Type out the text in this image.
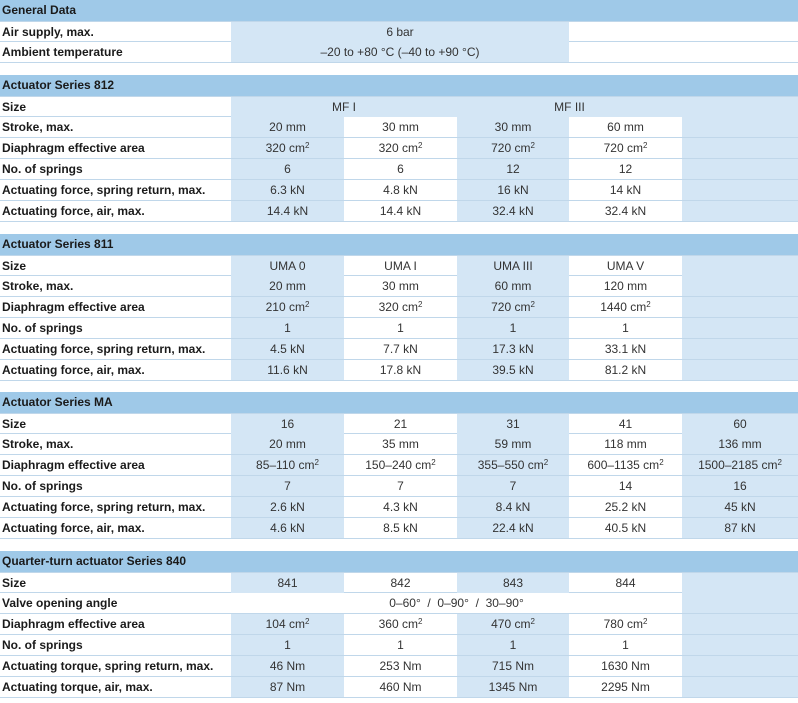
General Data
Air supply, max.	6 bar
Ambient temperature	–20 to +80 °C (–40 to +90 °C)
Actuator Series 812
Size	MF I	MF III
Stroke, max.	20 mm	30 mm	30 mm	60 mm
Diaphragm effective area	320 $cm^2$	320 $cm^2$	720 $cm^2$	720 $cm^2$
No. of springs	6	6	12	12
Actuating force, spring return, max.	6.3 kN	4.8 kN	16 kN	14 kN
Actuating force, air, max.	14.4 kN	14.4 kN	32.4 kN	32.4 kN
Actuator Series 811
Size	UMA 0	UMA I	UMA III	UMA V
Stroke, max.	20 mm	30 mm	60 mm	120 mm
Diaphragm effective area	210 $cm^2$	320 $cm^2$	720 $cm^2$	1440 $cm^2$
No. of springs	1	1	1	1
Actuating force, spring return, max.	4.5 kN	7.7 kN	17.3 kN	33.1 kN
Actuating force, air, max.	11.6 kN	17.8 kN	39.5 kN	81.2 kN
Actuator Series MA
Size	16	21	31	41	60
Stroke, max.	20 mm	35 mm	59 mm	118 mm	136 mm
Diaphragm effective area	85–110 $cm^2$	150–240 $cm^2$	355–550 $cm^2$	600–1135 $cm^2$	1500–2185 $cm^2$
No. of springs	7	7	7	14	16
Actuating force, spring return, max.	2.6 kN	4.3 kN	8.4 kN	25.2 kN	45 kN
Actuating force, air, max.	4.6 kN	8.5 kN	22.4 kN	40.5 kN	87 kN
Quarter-turn actuator Series 840
Size	841	842	843	844
Valve opening angle	0–60°  /  0–90°  /  30–90°
Diaphragm effective area	104 $cm^2$	360 $cm^2$	470 $cm^2$	780 $cm^2$
No. of springs	1	1	1	1
Actuating torque, spring return, max.	46 Nm	253 Nm	715 Nm	1630 Nm
Actuating torque, air, max.	87 Nm	460 Nm	1345 Nm	2295 Nm
